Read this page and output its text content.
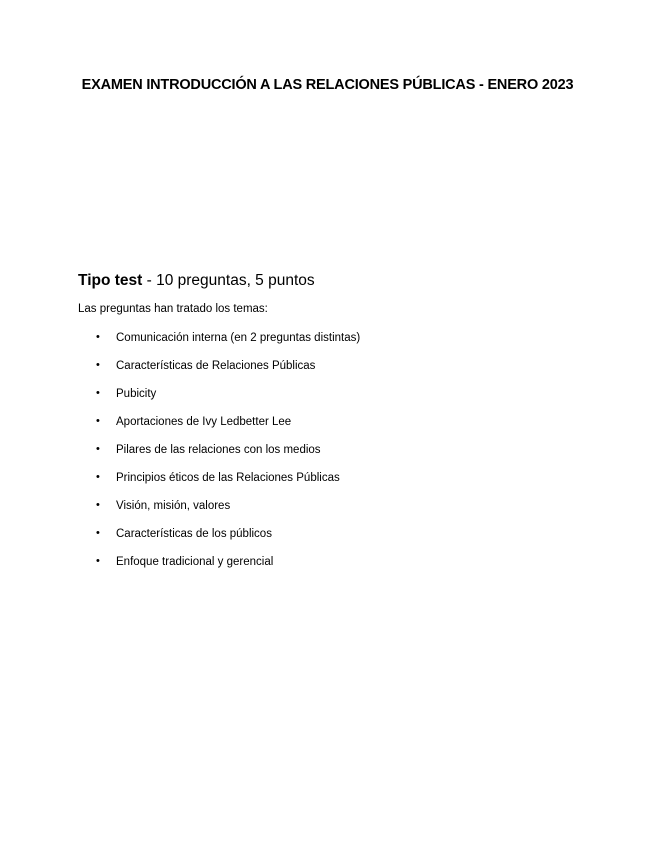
EXAMEN INTRODUCCIÓN A LAS RELACIONES PÚBLICAS - ENERO 2023
Tipo test - 10 preguntas, 5 puntos
Las preguntas han tratado los temas:
• Comunicación interna (en 2 preguntas distintas)
• Características de Relaciones Públicas
• Pubicity
• Aportaciones de Ivy Ledbetter Lee
• Pilares de las relaciones con los medios
• Principios éticos de las Relaciones Públicas
• Visión, misión, valores
• Características de los públicos
• Enfoque tradicional y gerencial
